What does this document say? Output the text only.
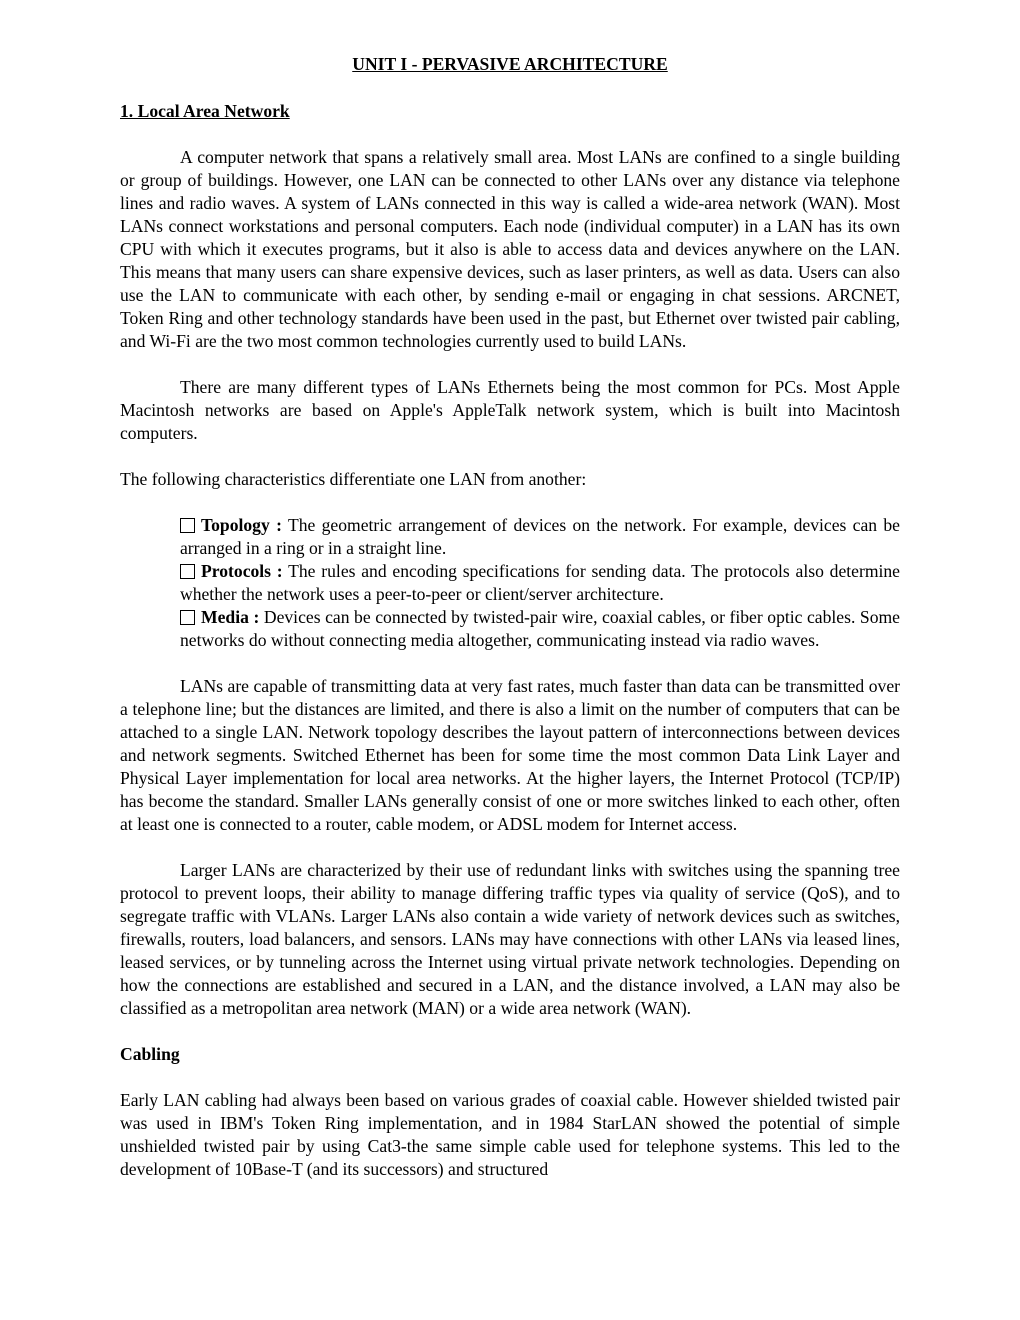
UNIT I - PERVASIVE ARCHITECTURE
1. Local Area Network

A computer network that spans a relatively small area. Most LANs are confined to a single building or group of buildings. However, one LAN can be connected to other LANs over any distance via telephone lines and radio waves. A system of LANs connected in this way is called a wide-area network (WAN). Most LANs connect workstations and personal computers. Each node (individual computer) in a LAN has its own CPU with which it executes programs, but it also is able to access data and devices anywhere on the LAN. This means that many users can share expensive devices, such as laser printers, as well as data. Users can also use the LAN to communicate with each other, by sending e-mail or engaging in chat sessions. ARCNET, Token Ring and other technology standards have been used in the past, but Ethernet over twisted pair cabling, and Wi-Fi are the two most common technologies currently used to build LANs.

There are many different types of LANs Ethernets being the most common for PCs. Most Apple Macintosh networks are based on Apple's AppleTalk network system, which is built into Macintosh computers.

The following characteristics differentiate one LAN from another:

Topology : The geometric arrangement of devices on the network. For example, devices can be arranged in a ring or in a straight line.
Protocols : The rules and encoding specifications for sending data. The protocols also determine whether the network uses a peer-to-peer or client/server architecture.
Media : Devices can be connected by twisted-pair wire, coaxial cables, or fiber optic cables. Some networks do without connecting media altogether, communicating instead via radio waves.

LANs are capable of transmitting data at very fast rates, much faster than data can be transmitted over a telephone line; but the distances are limited, and there is also a limit on the number of computers that can be attached to a single LAN. Network topology describes the layout pattern of interconnections between devices and network segments. Switched Ethernet has been for some time the most common Data Link Layer and Physical Layer implementation for local area networks. At the higher layers, the Internet Protocol (TCP/IP) has become the standard. Smaller LANs generally consist of one or more switches linked to each other, often at least one is connected to a router, cable modem, or ADSL modem for Internet access.

Larger LANs are characterized by their use of redundant links with switches using the spanning tree protocol to prevent loops, their ability to manage differing traffic types via quality of service (QoS), and to segregate traffic with VLANs. Larger LANs also contain a wide variety of network devices such as switches, firewalls, routers, load balancers, and sensors. LANs may have connections with other LANs via leased lines, leased services, or by tunneling across the Internet using virtual private network technologies. Depending on how the connections are established and secured in a LAN, and the distance involved, a LAN may also be classified as a metropolitan area network (MAN) or a wide area network (WAN).

Cabling

Early LAN cabling had always been based on various grades of coaxial cable. However shielded twisted pair was used in IBM's Token Ring implementation, and in 1984 StarLAN showed the potential of simple unshielded twisted pair by using Cat3-the same simple cable used for telephone systems. This led to the development of 10Base-T (and its successors) and structured
